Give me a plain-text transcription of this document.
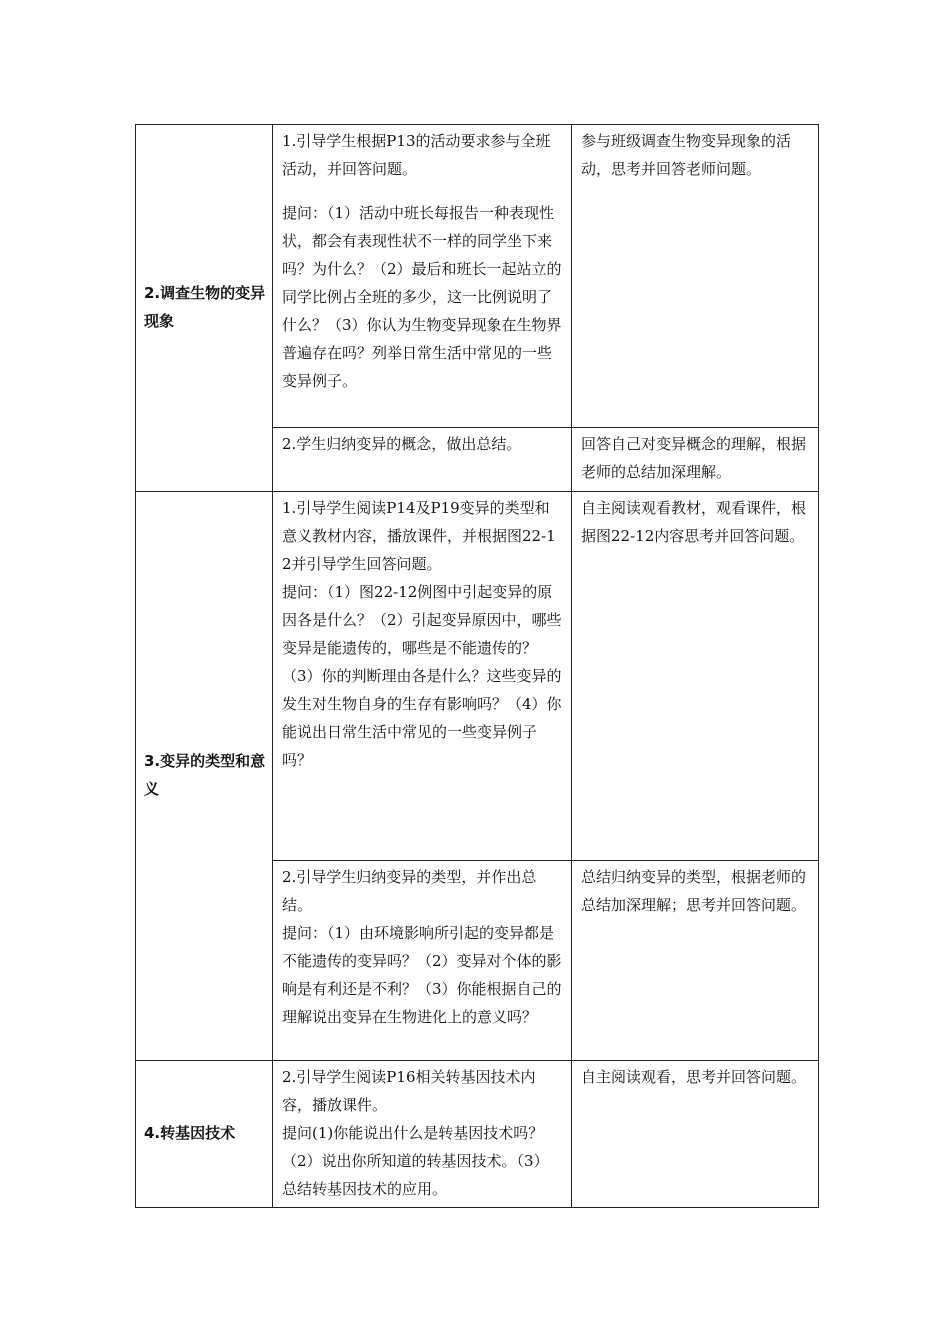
2.调查生物的变异现象	1.引导学生根据P13的活动要求参与全班活动，并回答问题。
提问：（1）活动中班长每报告一种表现性状，都会有表现性状不一样的同学坐下来吗？为什么？（2）最后和班长一起站立的同学比例占全班的多少，这一比例说明了什么？（3）你认为生物变异现象在生物界普遍存在吗？列举日常生活中常见的一些变异例子。	参与班级调查生物变异现象的活动，思考并回答老师问题。

	2.学生归纳变异的概念，做出总结。	回答自己对变异概念的理解，根据老师的总结加深理解。

3.变异的类型和意义	1.引导学生阅读P14及P19变异的类型和意义教材内容，播放课件，并根据图22-12并引导学生回答问题。
提问：（1）图22-12例图中引起变异的原因各是什么？（2）引起变异原因中，哪些变异是能遗传的，哪些是不能遗传的？（3）你的判断理由各是什么？这些变异的发生对生物自身的生存有影响吗？（4）你能说出日常生活中常见的一些变异例子吗？	自主阅读观看教材，观看课件，根据图22-12内容思考并回答问题。

	2.引导学生归纳变异的类型，并作出总结。
提问：（1）由环境影响所引起的变异都是不能遗传的变异吗？（2）变异对个体的影响是有利还是不利？（3）你能根据自己的理解说出变异在生物进化上的意义吗？	总结归纳变异的类型，根据老师的总结加深理解；思考并回答问题。

4.转基因技术	2.引导学生阅读P16相关转基因技术内容，播放课件。
提问(1)你能说出什么是转基因技术吗？（2）说出你所知道的转基因技术。（3）总结转基因技术的应用。	自主阅读观看，思考并回答问题。
